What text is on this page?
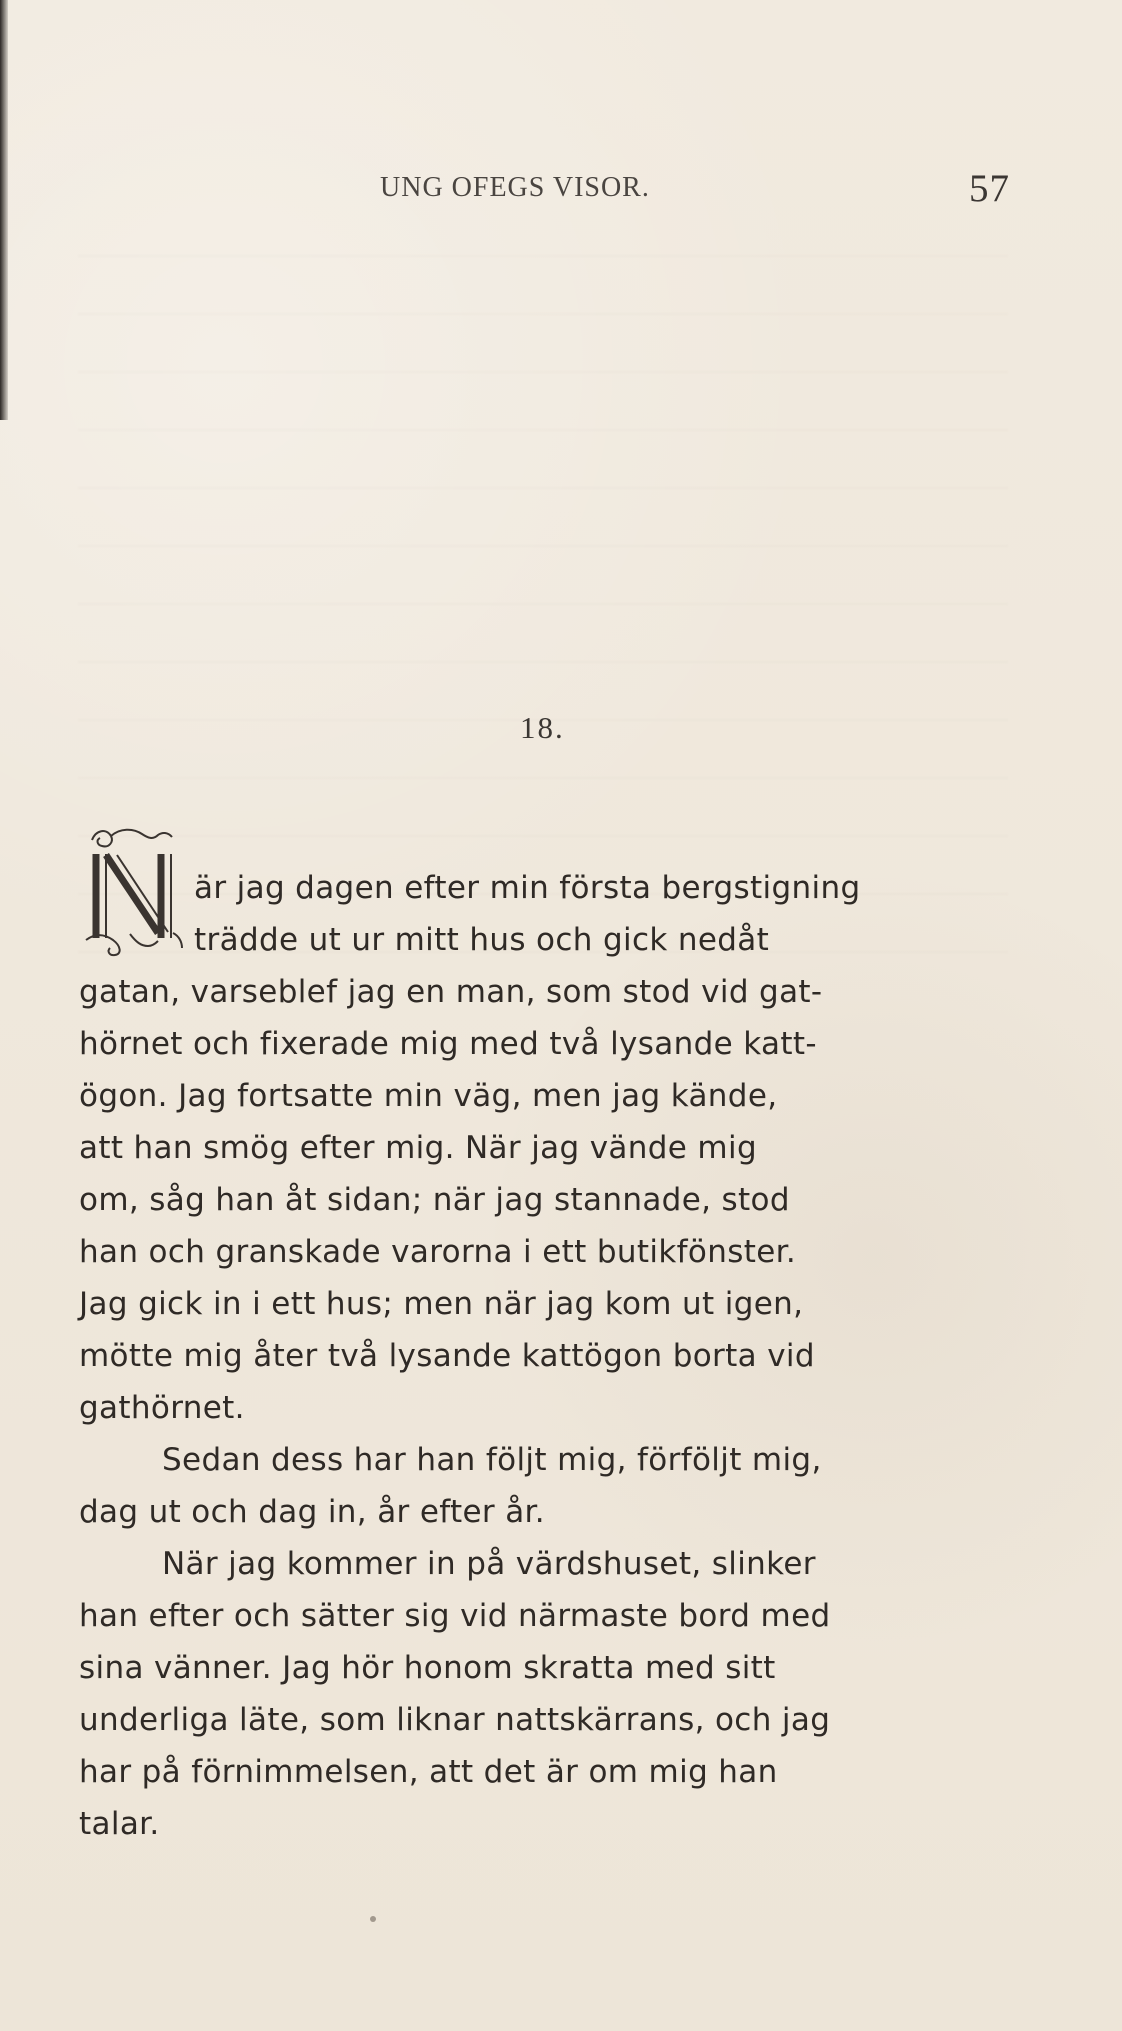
UNG OFEGS VISOR.	57
18.
är jag dagen efter min första bergstigning
trädde ut ur mitt hus och gick nedåt
gatan, varseblef jag en man, som stod vid gat-
hörnet och fixerade mig med två lysande katt-
ögon. Jag fortsatte min väg, men jag kände,
att han smög efter mig. När jag vände mig
om, såg han åt sidan; när jag stannade, stod
han och granskade varorna i ett butikfönster.
Jag gick in i ett hus; men när jag kom ut igen,
mötte mig åter två lysande kattögon borta vid
gathörnet.
Sedan dess har han följt mig, förföljt mig,
dag ut och dag in, år efter år.
När jag kommer in på värdshuset, slinker
han efter och sätter sig vid närmaste bord med
sina vänner. Jag hör honom skratta med sitt
underliga läte, som liknar nattskärrans, och jag
har på förnimmelsen, att det är om mig han
talar.
